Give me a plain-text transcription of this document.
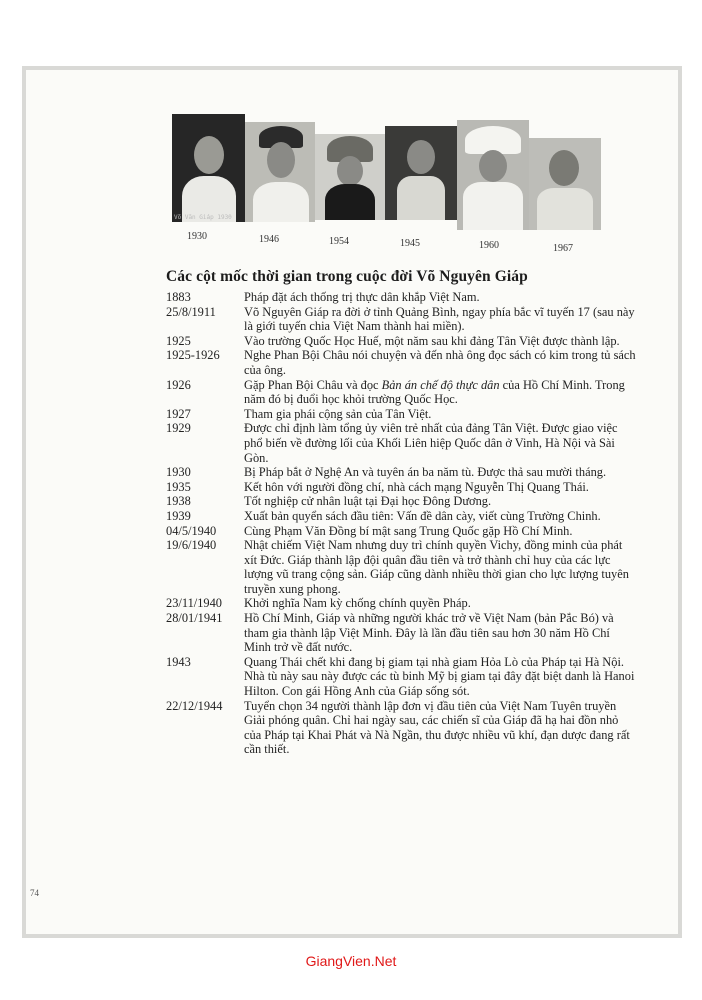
Võ Văn Giáp 1930
1930	1946	1954	1945	1960	1967
Các cột mốc thời gian trong cuộc đời Võ Nguyên Giáp
1883	Pháp đặt ách thống trị thực dân khắp Việt Nam.
25/8/1911	Võ Nguyên Giáp ra đời ở tỉnh Quảng Bình, ngay phía bắc vĩ tuyến 17 (sau này là giới tuyến chia Việt Nam thành hai miền).
1925	Vào trường Quốc Học Huế, một năm sau khi đảng Tân Việt được thành lập.
1925-1926	Nghe Phan Bội Châu nói chuyện và đến nhà ông đọc sách có kim trong tủ sách của ông.
1926	Gặp Phan Bội Châu và đọc Bản án chế độ thực dân của Hồ Chí Minh. Trong năm đó bị đuổi học khỏi trường Quốc Học.
1927	Tham gia phái cộng sản của Tân Việt.
1929	Được chỉ định làm tổng ủy viên trẻ nhất của đảng Tân Việt. Được giao việc phổ biến về đường lối của Khối Liên hiệp Quốc dân ở Vinh, Hà Nội và Sài Gòn.
1930	Bị Pháp bắt ở Nghệ An và tuyên án ba năm tù. Được thả sau mười tháng.
1935	Kết hôn với người đồng chí, nhà cách mạng Nguyễn Thị Quang Thái.
1938	Tốt nghiệp cử nhân luật tại Đại học Đông Dương.
1939	Xuất bản quyển sách đầu tiên: Vấn đề dân cày, viết cùng Trường Chinh.
04/5/1940	Cùng Phạm Văn Đồng bí mật sang Trung Quốc gặp Hồ Chí Minh.
19/6/1940	Nhật chiếm Việt Nam nhưng duy trì chính quyền Vichy, đồng minh của phát xít Đức. Giáp thành lập đội quân đầu tiên và trở thành chỉ huy của các lực lượng vũ trang cộng sản. Giáp cũng dành nhiều thời gian cho lực lượng tuyên truyền xung phong.
23/11/1940	Khởi nghĩa Nam kỳ chống chính quyền Pháp.
28/01/1941	Hồ Chí Minh, Giáp và những người khác trở về Việt Nam (bản Pắc Bó) và tham gia thành lập Việt Minh. Đây là lần đầu tiên sau hơn 30 năm Hồ Chí Minh trở về đất nước.
1943	Quang Thái chết khi đang bị giam tại nhà giam Hỏa Lò của Pháp tại Hà Nội. Nhà tù này sau này được các tù binh Mỹ bị giam tại đây đặt biệt danh là Hanoi Hilton. Con gái Hồng Anh của Giáp sống sót.
22/12/1944	Tuyển chọn 34 người thành lập đơn vị đầu tiên của Việt Nam Tuyên truyền Giải phóng quân. Chỉ hai ngày sau, các chiến sĩ của Giáp đã hạ hai đồn nhỏ của Pháp tại Khai Phát và Nà Ngần, thu được nhiều vũ khí, đạn dược đang rất cần thiết.
74
GiangVien.Net
